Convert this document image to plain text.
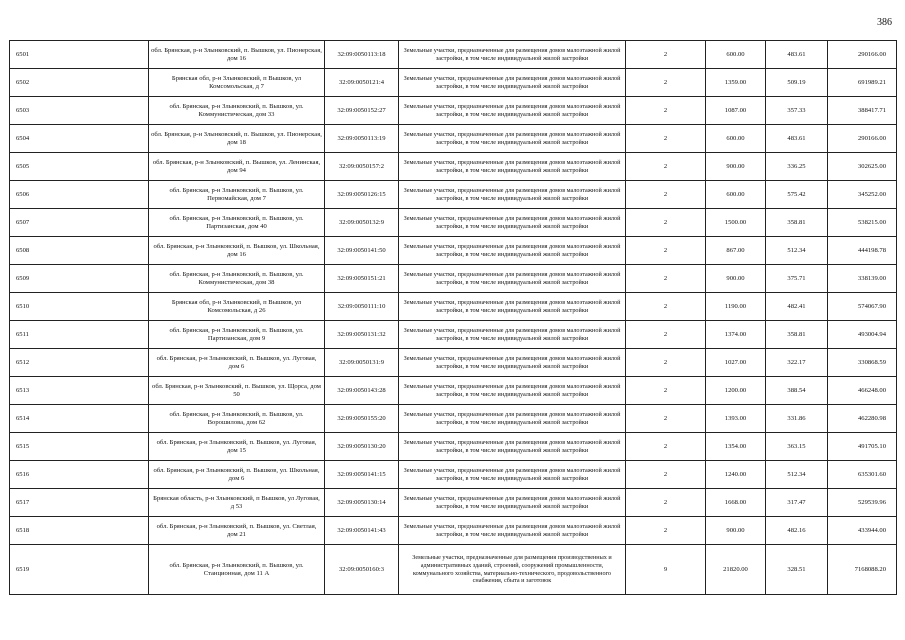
386
6501	обл. Брянская, р-н Злынковский, п. Вышков, ул. Пионерская, дом 16	32:09:0050113:18	Земельные участки, предназначенные для размещения домов малоэтажной жилой застройки, в том числе индивидуальной жилой застройки	2	600.00	483.61	290166.00
6502	Брянская обл, р-н Злынковский, п Вышков, ул Комсомольская, д 7	32:09:0050121:4	Земельные участки, предназначенные для размещения домов малоэтажной жилой застройки, в том числе индивидуальной жилой застройки	2	1359.00	509.19	691989.21
6503	обл. Брянская, р-н Злынковский, п. Вышков, ул. Коммунистическая, дом 33	32:09:0050152:27	Земельные участки, предназначенные для размещения домов малоэтажной жилой застройки, в том числе индивидуальной жилой застройки	2	1087.00	357.33	388417.71
6504	обл. Брянская, р-н Злынковский, п. Вышков, ул. Пионерская, дом 18	32:09:0050113:19	Земельные участки, предназначенные для размещения домов малоэтажной жилой застройки, в том числе индивидуальной жилой застройки	2	600.00	483.61	290166.00
6505	обл. Брянская, р-н Злынковский, п. Вышков, ул. Ленинская, дом 94	32:09:0050157:2	Земельные участки, предназначенные для размещения домов малоэтажной жилой застройки, в том числе индивидуальной жилой застройки	2	900.00	336.25	302625.00
6506	обл. Брянская, р-н Злынковский, п. Вышков, ул. Первомайская, дом 7	32:09:0050126:15	Земельные участки, предназначенные для размещения домов малоэтажной жилой застройки, в том числе индивидуальной жилой застройки	2	600.00	575.42	345252.00
6507	обл. Брянская, р-н Злынковский, п. Вышков, ул. Партизанская, дом 40	32:09:0050132:9	Земельные участки, предназначенные для размещения домов малоэтажной жилой застройки, в том числе индивидуальной жилой застройки	2	1500.00	358.81	538215.00
6508	обл. Брянская, р-н Злынковский, п. Вышков, ул. Школьная, дом 16	32:09:0050141:50	Земельные участки, предназначенные для размещения домов малоэтажной жилой застройки, в том числе индивидуальной жилой застройки	2	867.00	512.34	444198.78
6509	обл. Брянская, р-н Злынковский, п. Вышков, ул. Коммунистическая, дом 38	32:09:0050151:21	Земельные участки, предназначенные для размещения домов малоэтажной жилой застройки, в том числе индивидуальной жилой застройки	2	900.00	375.71	338139.00
6510	Брянская обл, р-н Злынковский, п Вышков, ул Комсомольская, д 26	32:09:0050111:10	Земельные участки, предназначенные для размещения домов малоэтажной жилой застройки, в том числе индивидуальной жилой застройки	2	1190.00	482.41	574067.90
6511	обл. Брянская, р-н Злынковский, п. Вышков, ул. Партизанская, дом 9	32:09:0050131:32	Земельные участки, предназначенные для размещения домов малоэтажной жилой застройки, в том числе индивидуальной жилой застройки	2	1374.00	358.81	493004.94
6512	обл. Брянская, р-н Злынковский, п. Вышков, ул. Луговая, дом 6	32:09:0050131:9	Земельные участки, предназначенные для размещения домов малоэтажной жилой застройки, в том числе индивидуальной жилой застройки	2	1027.00	322.17	330868.59
6513	обл. Брянская, р-н Злынковский, п. Вышков, ул. Щорса, дом 50	32:09:0050143:28	Земельные участки, предназначенные для размещения домов малоэтажной жилой застройки, в том числе индивидуальной жилой застройки	2	1200.00	388.54	466248.00
6514	обл. Брянская, р-н Злынковский, п. Вышков, ул. Ворошилова, дом 62	32:09:0050155:20	Земельные участки, предназначенные для размещения домов малоэтажной жилой застройки, в том числе индивидуальной жилой застройки	2	1393.00	331.86	462280.98
6515	обл. Брянская, р-н Злынковский, п. Вышков, ул. Луговая, дом 15	32:09:0050130:20	Земельные участки, предназначенные для размещения домов малоэтажной жилой застройки, в том числе индивидуальной жилой застройки	2	1354.00	363.15	491705.10
6516	обл. Брянская, р-н Злынковский, п. Вышков, ул. Школьная, дом 6	32:09:0050141:15	Земельные участки, предназначенные для размещения домов малоэтажной жилой застройки, в том числе индивидуальной жилой застройки	2	1240.00	512.34	635301.60
6517	Брянская область, р-н Злынковский, п Вышков, ул Луговая, д 53	32:09:0050130:14	Земельные участки, предназначенные для размещения домов малоэтажной жилой застройки, в том числе индивидуальной жилой застройки	2	1668.00	317.47	529539.96
6518	обл. Брянская, р-н Злынковский, п. Вышков, ул. Светлая, дом 21	32:09:0050141:43	Земельные участки, предназначенные для размещения домов малоэтажной жилой застройки, в том числе индивидуальной жилой застройки	2	900.00	482.16	433944.00
6519	обл. Брянская, р-н Злынковский, п. Вышков, ул. Станционная, дом 11 А	32:09:0050160:3	Земельные участки, предназначенные для размещения производственных и административных зданий, строений, сооружений промышленности, коммунального хозяйства, материально-технического, продовольственного снабжения, сбыта и заготовок	9	21820.00	328.51	7168088.20
